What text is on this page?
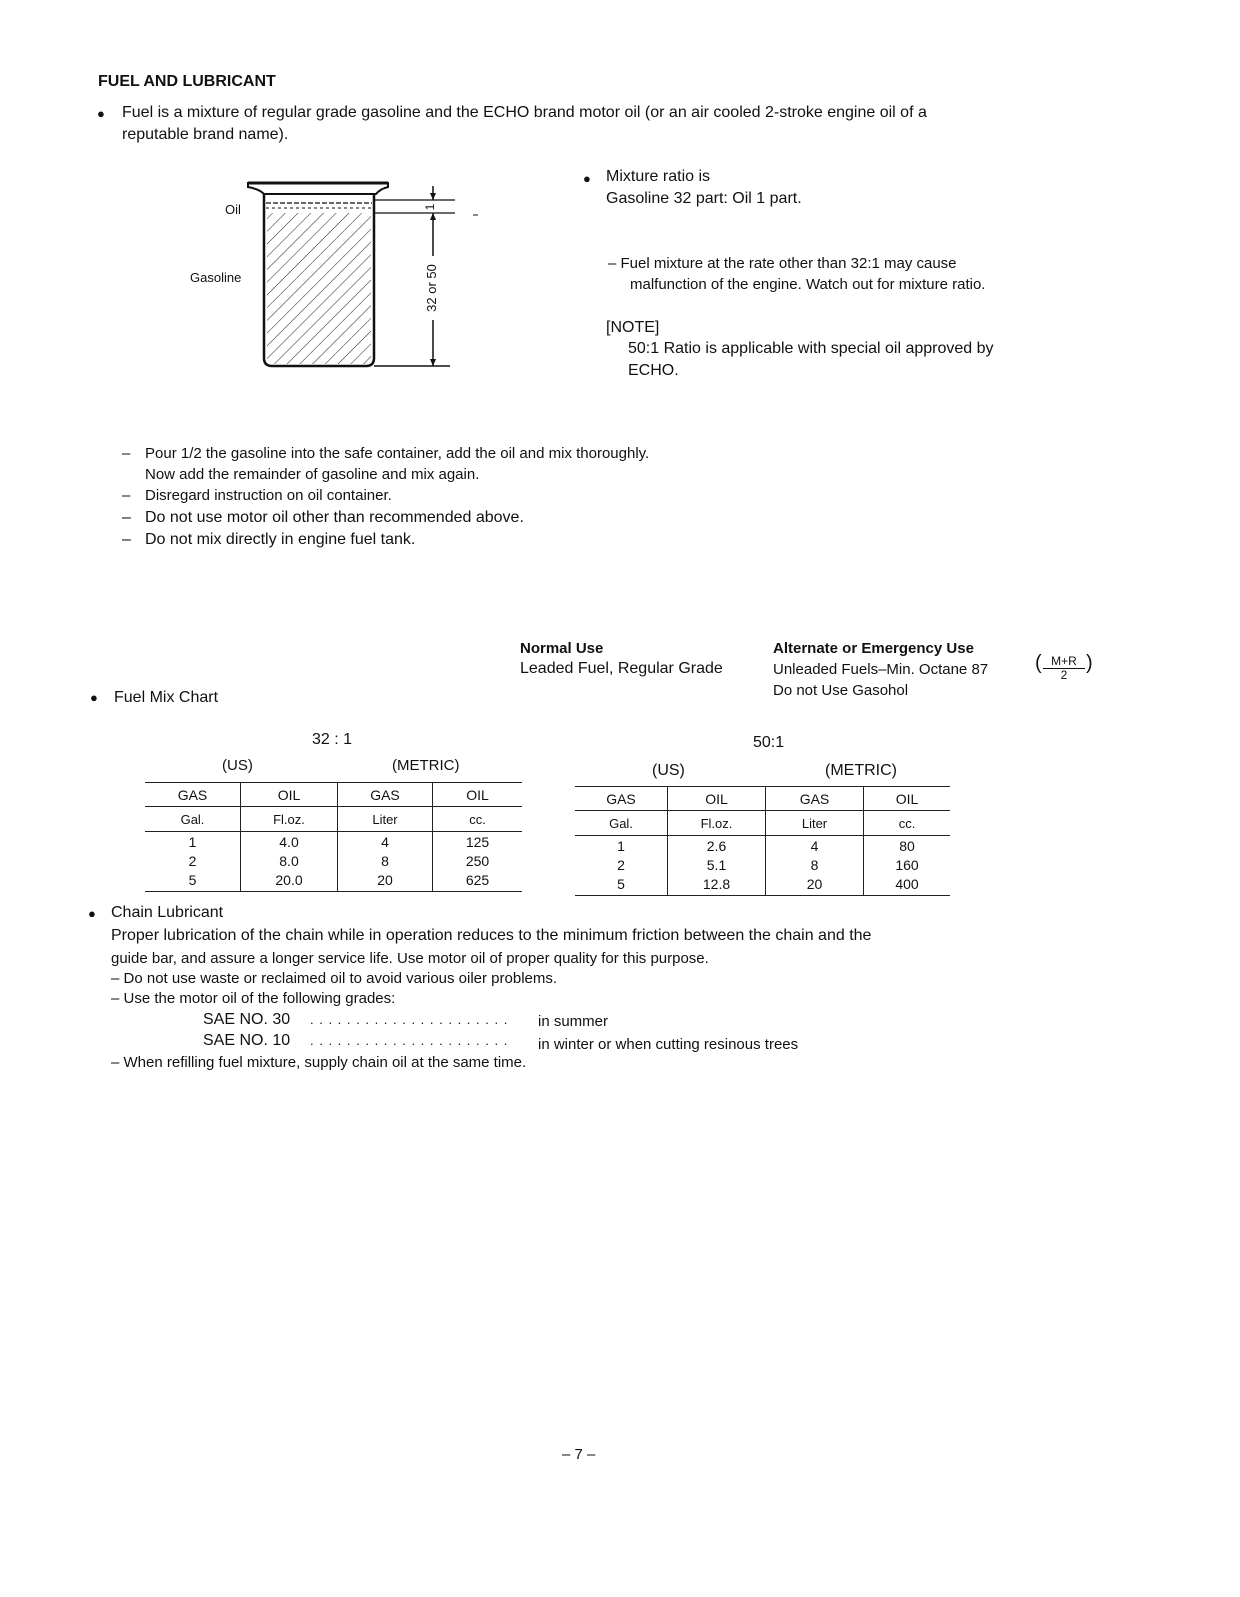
FUEL AND LUBRICANT
● Fuel is a mixture of regular grade gasoline and the ECHO brand motor oil (or an air cooled 2-stroke engine oil of a
reputable brand name).
Oil
Gasoline
1
32 or 50
● Mixture ratio is
Gasoline 32 part: Oil 1 part.
– Fuel mixture at the rate other than 32:1 may cause
malfunction of the engine. Watch out for mixture ratio.
[NOTE]
50:1 Ratio is applicable with special oil approved by
ECHO.
– Pour 1/2 the gasoline into the safe container, add the oil and mix thoroughly.
Now add the remainder of gasoline and mix again.
– Disregard instruction on oil container.
– Do not use motor oil other than recommended above.
– Do not mix directly in engine fuel tank.
Normal Use
Leaded Fuel, Regular Grade
Alternate or Emergency Use
Unleaded Fuels–Min. Octane 87 ( $\frac{M+R}{2}$ )
Do not Use Gasohol
● Fuel Mix Chart
32 : 1
(US)	(METRIC)
GAS	OIL	GAS	OIL
Gal.	Fl.oz.	Liter	cc.
1	4.0	4	125
2	8.0	8	250
5	20.0	20	625
50:1
(US)	(METRIC)
GAS	OIL	GAS	OIL
Gal.	Fl.oz.	Liter	cc.
1	2.6	4	80
2	5.1	8	160
5	12.8	20	400
● Chain Lubricant
Proper lubrication of the chain while in operation reduces to the minimum friction between the chain and the
guide bar, and assure a longer service life. Use motor oil of proper quality for this purpose.
– Do not use waste or reclaimed oil to avoid various oiler problems.
– Use the motor oil of the following grades:
SAE NO. 30 . . . . . . . . . . . . . . . . . . . . . . in summer
SAE NO. 10 . . . . . . . . . . . . . . . . . . . . . . in winter or when cutting resinous trees
– When refilling fuel mixture, supply chain oil at the same time.
– 7 –
